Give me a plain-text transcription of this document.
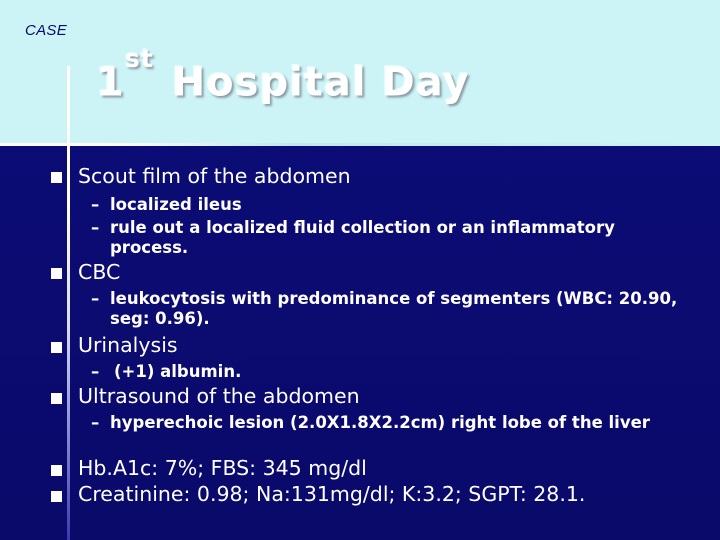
CASE
1stHospital Day
Scout film of the abdomen
– localized ileus
– rule out a localized fluid collection or an inflammatory process.
CBC
– leukocytosis with predominance of segmenters (WBC: 20.90, seg: 0.96).
Urinalysis
– (+1) albumin.
Ultrasound of the abdomen
– hyperechoic lesion (2.0X1.8X2.2cm) right lobe of the liver
Hb.A1c: 7%; FBS: 345 mg/dl
Creatinine: 0.98; Na:131mg/dl; K:3.2; SGPT: 28.1.
